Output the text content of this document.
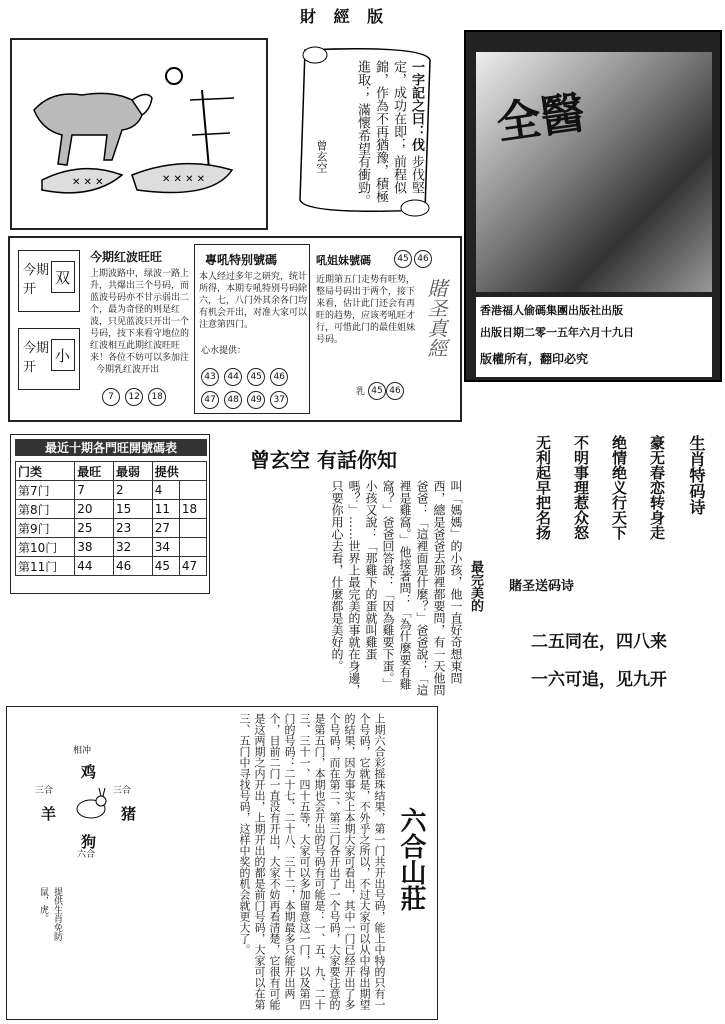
財 經 版
✕ ✕ ✕	✕ ✕ ✕ ✕
一字記之曰：伐 步伐堅定，成功在即； 前程似錦，作為不再猶豫，積極進取； 滿懷希望有衝勁。
曾玄空
全醫
香港福人偷碼集團出版社出版
出版日期二零一五年六月十九日
版權所有，翻印必究
今期开
双
今期开
小
今期红波旺旺
上期波路中，绿波一路上升，共爆出三个号码，而蓝波号码亦不甘示弱出二个，最为奇怪的则是红波，只见蓝波只开出一个号码，技下来看守地位的红波相互此期红波旺旺来！各位不妨可以多加注
今期乳红波开出
7 12 18
專吼特别號碼
本人经过多年之研究，统计所得，本期专吼特别号码除六，七，八门外其余各门均有机会开出，对准大家可以注意第四门。
心水提供：
43 44 45 46 47 48 49 37
吼姐妹號碼	45 46
近期第五门走势有旺势，整局号码出于两个，接下来看，估计此门还会有再旺的趋势，应该考吼旺才行，可惜此门的最佳姐妹号码。
乳 45 46
賭圣真經
最近十期各門旺開號碼表
门类	最旺	最弱	提供	
第7门	7	2	4	
第8门	20	15	11	18
第9门	25	23	27	
第10门	38	32	34	
第11门	44	46	45	47
曾玄空 有話你知
最完美的
叫「媽媽」的小孩，他一直好奇想東問西，總是爸爸去那裡都要問，有一天他問爸爸：「這裡面是什麼？」爸爸說：「這裡是雞窩。」他接著問：「為什麼要有雞窩？」爸爸回答說：「因為雞要下蛋。」小孩又說：「那雞下的蛋就叫雞蛋嗎？」……世界上最完美的事就在身邊，只要你用心去看，什麼都是美好的。
生肖特码诗
豪无春恋转身走
绝情绝义行天下
不明事理惹众怒
无利起早把名扬
賭圣送码诗
二五同在，四八来
一六可追，见九开
相冲
鸡
三合
羊
三合
猪
狗
六合
鼠，虎。 提供生肖免防	上期六合彩摇珠结果，第一门共开出号码，能上中特的只有一个号码，它就是，不外乎之所以，不过大家可以从中得出期望的结果，因为事实上本期大家可看出，其中一门已经开出了多个号码，而在第二、第三门各开出了一个号码，大家要注意的是第五门，本期也会开出的号码有可能是：一、五、九、二十三、三十一、四十五等，大家可以多加留意这一门，以及第四门的号码：二十七、二十八、三十二，本期最多只能开出两个，目前二门一直没有开出，大家不妨再看清楚，它很有可能是这两期之内开出，上期开出的都是前门号码，大家可以在第三、五门中寻找号码，这样中奖的机会就更大了。	六合山莊
